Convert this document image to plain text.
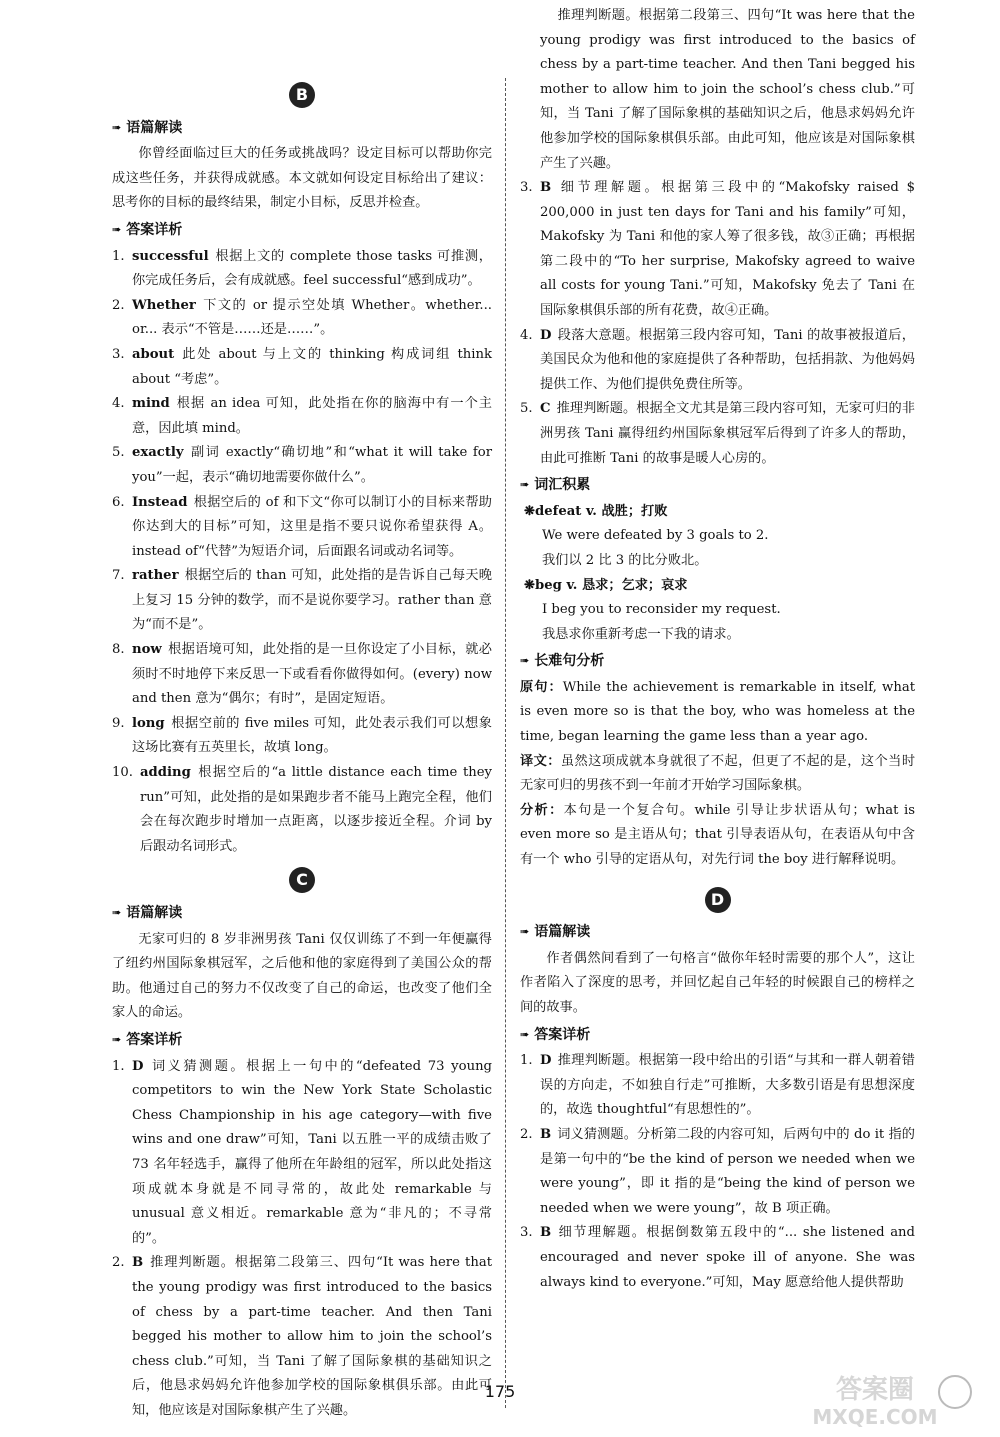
B
➠ 语篇解读

你曾经面临过巨大的任务或挑战吗？设定目标可以帮助你完成这些任务，并获得成就感。本文就如何设定目标给出了建议：思考你的目标的最终结果，制定小目标，反思并检查。

➠ 答案详析
1. successful 根据上文的 complete those tasks 可推测，你完成任务后，会有成就感。feel successful“感到成功”。
2. Whether 下文的 or 提示空处填 Whether。whether... or... 表示“不管是……还是……”。
3. about 此处 about 与上文的 thinking 构成词组 think about “考虑”。
4. mind 根据 an idea 可知，此处指在你的脑海中有一个主意，因此填 mind。
5. exactly 副词 exactly“确切地”和“what it will take for you”一起，表示“确切地需要你做什么”。
6. Instead 根据空后的 of 和下文“你可以制订小的目标来帮助你达到大的目标”可知，这里是指不要只说你希望获得 A。instead of“代替”为短语介词，后面跟名词或动名词等。
7. rather 根据空后的 than 可知，此处指的是告诉自己每天晚上复习 15 分钟的数学，而不是说你要学习。rather than 意为“而不是”。
8. now 根据语境可知，此处指的是一旦你设定了小目标，就必须时不时地停下来反思一下或看看你做得如何。(every) now and then 意为“偶尔；有时”，是固定短语。
9. long 根据空前的 five miles 可知，此处表示我们可以想象这场比赛有五英里长，故填 long。
10. adding 根据空后的“a little distance each time they run”可知，此处指的是如果跑步者不能马上跑完全程，他们会在每次跑步时增加一点距离，以逐步接近全程。介词 by 后跟动名词形式。
C
➠ 语篇解读

无家可归的 8 岁非洲男孩 Tani 仅仅训练了不到一年便赢得了纽约州国际象棋冠军，之后他和他的家庭得到了美国公众的帮助。他通过自己的努力不仅改变了自己的命运，也改变了他们全家人的命运。

➠ 答案详析
1. D 词义猜测题。根据上一句中的“defeated 73 young competitors to win the New York State Scholastic Chess Championship in his age category—with five wins and one draw”可知，Tani 以五胜一平的成绩击败了 73 名年轻选手，赢得了他所在年龄组的冠军，所以此处指这项成就本身就是不同寻常的，故此处 remarkable 与 unusual 意义相近。remarkable 意为“非凡的；不寻常的”。
2. B 推理判断题。根据第二段第三、四句“It was here that the young prodigy was first introduced to the basics of chess by a part-time teacher. And then Tani begged his mother to allow him to join the school’s chess club.”可知，当 Tani 了解了国际象棋的基础知识之后，他恳求妈妈允许他参加学校的国际象棋俱乐部。由此可知，他应该是对国际象棋产生了兴趣。
推理判断题。根据第二段第三、四句“It was here that the young prodigy was first introduced to the basics of chess by a part-time teacher. And then Tani begged his mother to allow him to join the school’s chess club.”可知，当 Tani 了解了国际象棋的基础知识之后，他恳求妈妈允许他参加学校的国际象棋俱乐部。由此可知，他应该是对国际象棋产生了兴趣。
3. B 细节理解题。根据第三段中的“Makofsky raised $ 200,000 in just ten days for Tani and his family”可知，Makofsky 为 Tani 和他的家人筹了很多钱，故③正确；再根据第二段中的“To her surprise, Makofsky agreed to waive all costs for young Tani.”可知，Makofsky 免去了 Tani 在国际象棋俱乐部的所有花费，故④正确。
4. D 段落大意题。根据第三段内容可知，Tani 的故事被报道后，美国民众为他和他的家庭提供了各种帮助，包括捐款、为他妈妈提供工作、为他们提供免费住所等。
5. C 推理判断题。根据全文尤其是第三段内容可知，无家可归的非洲男孩 Tani 赢得纽约州国际象棋冠军后得到了许多人的帮助，由此可推断 Tani 的故事是暖人心房的。
➠ 词汇积累

❋defeat v. 战胜；打败

We were defeated by 3 goals to 2.

我们以 2 比 3 的比分败北。

❋beg v. 恳求；乞求；哀求

I beg you to reconsider my request.

我恳求你重新考虑一下我的请求。

➠ 长难句分析

原句：While the achievement is remarkable in itself, what is even more so is that the boy, who was homeless at the time, began learning the game less than a year ago.

译文：虽然这项成就本身就很了不起，但更了不起的是，这个当时无家可归的男孩不到一年前才开始学习国际象棋。

分析：本句是一个复合句。while 引导让步状语从句；what is even more so 是主语从句；that 引导表语从句，在表语从句中含有一个 who 引导的定语从句，对先行词 the boy 进行解释说明。

D
➠ 语篇解读

作者偶然间看到了一句格言“做你年轻时需要的那个人”，这让作者陷入了深度的思考，并回忆起自己年轻的时候跟自己的榜样之间的故事。

➠ 答案详析
1. D 推理判断题。根据第一段中给出的引语“与其和一群人朝着错误的方向走，不如独自行走”可推断，大多数引语是有思想深度的，故选 thoughtful“有思想性的”。
2. B 词义猜测题。分析第二段的内容可知，后两句中的 do it 指的是第一句中的“be the kind of person we needed when we were young”，即 it 指的是“being the kind of person we needed when we were young”，故 B 项正确。
3. B 细节理解题。根据倒数第五段中的“... she listened and encouraged and never spoke ill of anyone. She was always kind to everyone.”可知，May 愿意给他人提供帮助
175	答案圈
MXQE.COM
